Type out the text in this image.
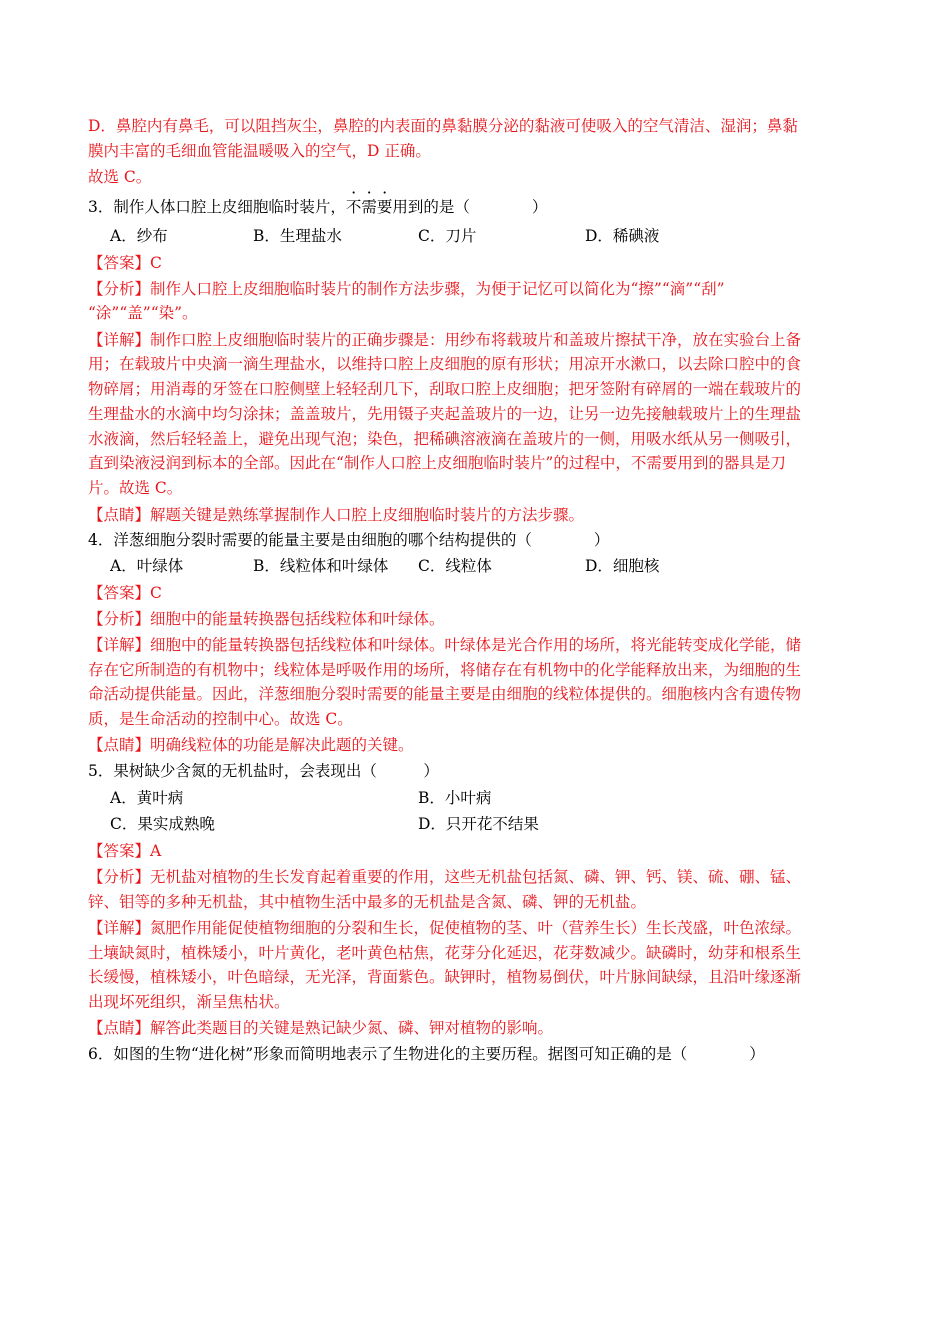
D．鼻腔内有鼻毛，可以阻挡灰尘，鼻腔的内表面的鼻黏膜分泌的黏液可使吸入的空气清洁、湿润；鼻黏
膜内丰富的毛细血管能温暖吸入的空气，D 正确。
故选 C。
3．制作人体口腔上皮细胞临时装片，不需要用到的是（　　　　）
A．纱布	B．生理盐水	C．刀片	D．稀碘液
【答案】C
【分析】制作人口腔上皮细胞临时装片的制作方法步骤，为便于记忆可以简化为“擦”“滴”“刮”
“涂”“盖”“染”。
【详解】制作口腔上皮细胞临时装片的正确步骤是：用纱布将载玻片和盖玻片擦拭干净，放在实验台上备
用；在载玻片中央滴一滴生理盐水，以维持口腔上皮细胞的原有形状；用凉开水漱口，以去除口腔中的食
物碎屑；用消毒的牙签在口腔侧壁上轻轻刮几下，刮取口腔上皮细胞；把牙签附有碎屑的一端在载玻片的
生理盐水的水滴中均匀涂抹；盖盖玻片，先用镊子夹起盖玻片的一边，让另一边先接触载玻片上的生理盐
水液滴，然后轻轻盖上，避免出现气泡；染色，把稀碘溶液滴在盖玻片的一侧，用吸水纸从另一侧吸引，
直到染液浸润到标本的全部。因此在“制作人口腔上皮细胞临时装片”的过程中，不需要用到的器具是刀
片。故选 C。
【点睛】解题关键是熟练掌握制作人口腔上皮细胞临时装片的方法步骤。
4．洋葱细胞分裂时需要的能量主要是由细胞的哪个结构提供的（　　　　）
A．叶绿体	B．线粒体和叶绿体 C．线粒体	D．细胞核
【答案】C
【分析】细胞中的能量转换器包括线粒体和叶绿体。
【详解】细胞中的能量转换器包括线粒体和叶绿体。叶绿体是光合作用的场所，将光能转变成化学能，储
存在它所制造的有机物中；线粒体是呼吸作用的场所，将储存在有机物中的化学能释放出来，为细胞的生
命活动提供能量。因此，洋葱细胞分裂时需要的能量主要是由细胞的线粒体提供的。细胞核内含有遗传物
质，是生命活动的控制中心。故选 C。
【点睛】明确线粒体的功能是解决此题的关键。
5．果树缺少含氮的无机盐时，会表现出（　　　）
A．黄叶病	B．小叶病
C．果实成熟晚	D．只开花不结果
【答案】A
【分析】无机盐对植物的生长发育起着重要的作用，这些无机盐包括氮、磷、钾、钙、镁、硫、硼、锰、
锌、钼等的多种无机盐，其中植物生活中最多的无机盐是含氮、磷、钾的无机盐。
【详解】氮肥作用能促使植物细胞的分裂和生长，促使植物的茎、叶（营养生长）生长茂盛，叶色浓绿。
土壤缺氮时，植株矮小，叶片黄化，老叶黄色枯焦，花芽分化延迟，花芽数减少。缺磷时，幼芽和根系生
长缓慢，植株矮小，叶色暗绿，无光泽，背面紫色。缺钾时，植物易倒伏，叶片脉间缺绿，且沿叶缘逐渐
出现坏死组织，渐呈焦枯状。
【点睛】解答此类题目的关键是熟记缺少氮、磷、钾对植物的影响。
6．如图的生物“进化树”形象而简明地表示了生物进化的主要历程。据图可知正确的是（　　　　）
